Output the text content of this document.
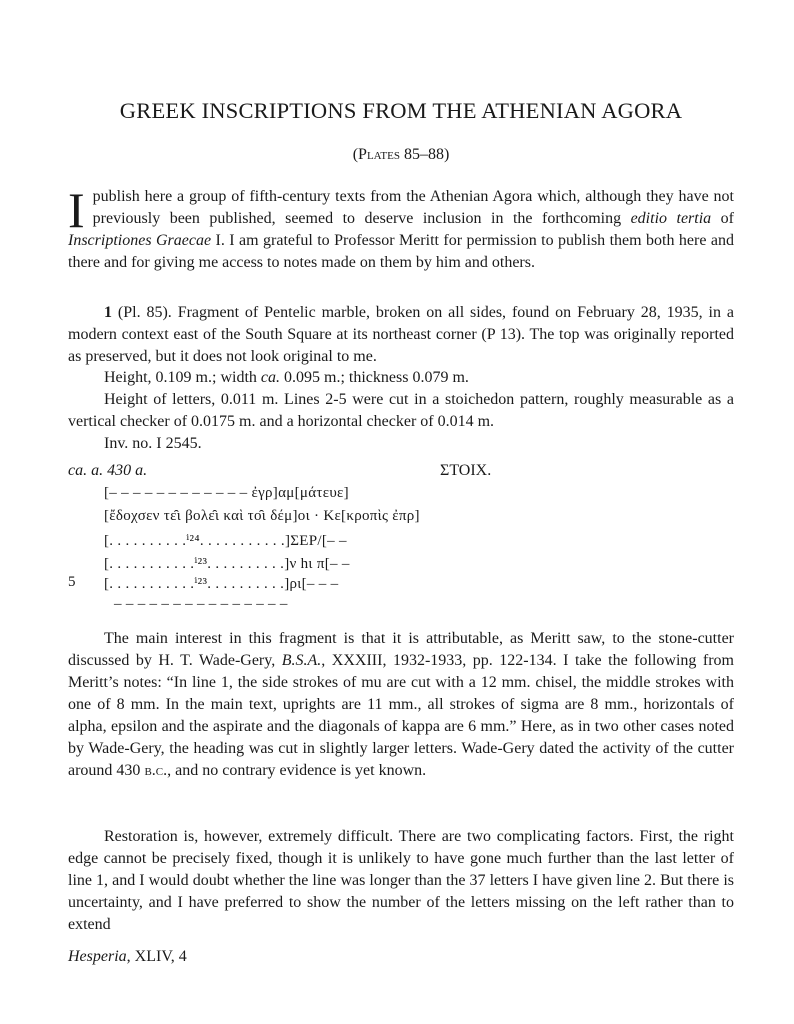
GREEK INSCRIPTIONS FROM THE ATHENIAN AGORA
(Plates 85–88)

Ipublish here a group of fifth-century texts from the Athenian Agora which, although they have not previously been published, seemed to deserve inclusion in the forthcoming editio tertia of Inscriptiones Graecae I. I am grateful to Professor Meritt for permission to publish them both here and there and for giving me access to notes made on them by him and others.

1 (Pl. 85). Fragment of Pentelic marble, broken on all sides, found on February 28, 1935, in a modern context east of the South Square at its northeast corner (P 13). The top was originally reported as preserved, but it does not look original to me.

Height, 0.109 m.; width ca. 0.095 m.; thickness 0.079 m.

Height of letters, 0.011 m. Lines 2-5 were cut in a stoichedon pattern, roughly measurable as a vertical checker of 0.0175 m. and a horizontal checker of 0.014 m.

Inv. no. I 2545.

ca. a. 430 a.	ΣΤΟΙΧ.
[– – – – – – – – – – – – ἐγρ]αμ[μάτευε]
[ἔδοχσεν τε̑ι βολε̑ι καὶ το̑ι δέμ]οι · Κε[κροπὶς ἐπρ]
[. . . . . . . . . .ⁱ²⁴. . . . . . . . . . .]ΣΕΡ/[– –
[. . . . . . . . . . .ⁱ²³. . . . . . . . . .]ν hι π[– –
5 [. . . . . . . . . . .ⁱ²³. . . . . . . . . .]ρι[– – –
– – – – – – – – – – – – – – –

The main interest in this fragment is that it is attributable, as Meritt saw, to the stone-cutter discussed by H. T. Wade-Gery, B.S.A., XXXIII, 1932-1933, pp. 122-134. I take the following from Meritt’s notes: “In line 1, the side strokes of mu are cut with a 12 mm. chisel, the middle strokes with one of 8 mm. In the main text, uprights are 11 mm., all strokes of sigma are 8 mm., horizontals of alpha, epsilon and the aspirate and the diagonals of kappa are 6 mm.” Here, as in two other cases noted by Wade-Gery, the heading was cut in slightly larger letters. Wade-Gery dated the activity of the cutter around 430 b.c., and no contrary evidence is yet known.

Restoration is, however, extremely difficult. There are two complicating factors. First, the right edge cannot be precisely fixed, though it is unlikely to have gone much further than the last letter of line 1, and I would doubt whether the line was longer than the 37 letters I have given line 2. But there is uncertainty, and I have preferred to show the number of the letters missing on the left rather than to extend

Hesperia, XLIV, 4
